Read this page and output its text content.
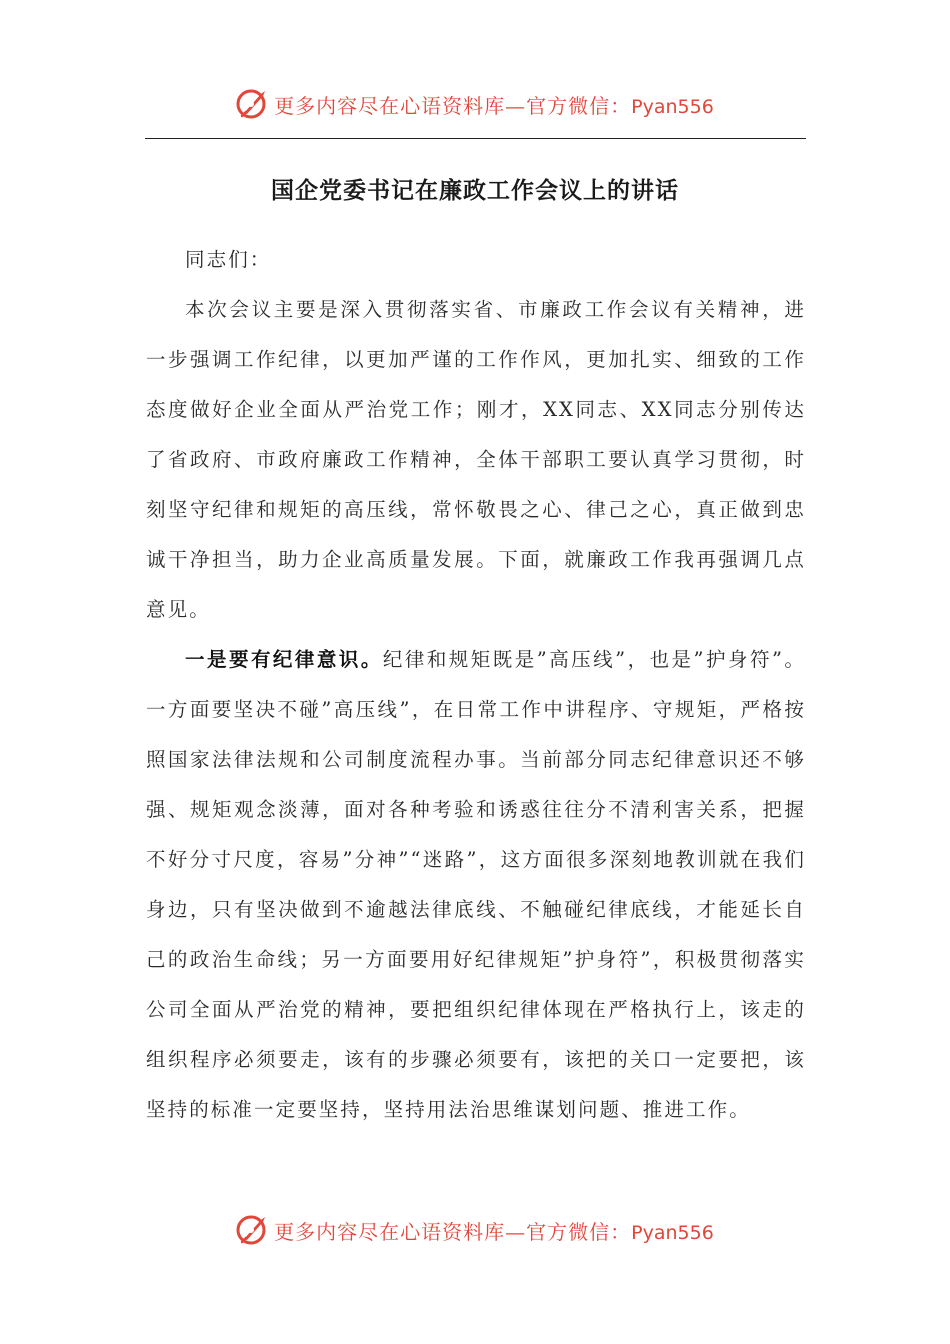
更多内容尽在心语资料库—官方微信：Pyan556
国企党委书记在廉政工作会议上的讲话

同志们：

本次会议主要是深入贯彻落实省、市廉政工作会议有关精神，进一步强调工作纪律，以更加严谨的工作作风，更加扎实、细致的工作态度做好企业全面从严治党工作；刚才，XX同志、XX同志分别传达了省政府、市政府廉政工作精神，全体干部职工要认真学习贯彻，时刻坚守纪律和规矩的高压线，常怀敬畏之心、律己之心，真正做到忠诚干净担当，助力企业高质量发展。下面，就廉政工作我再强调几点意见。

一是要有纪律意识。纪律和规矩既是”高压线”，也是”护身符”。一方面要坚决不碰”高压线”，在日常工作中讲程序、守规矩，严格按照国家法律法规和公司制度流程办事。当前部分同志纪律意识还不够强、规矩观念淡薄，面对各种考验和诱惑往往分不清利害关系，把握不好分寸尺度，容易”分神”“迷路”，这方面很多深刻地教训就在我们身边，只有坚决做到不逾越法律底线、不触碰纪律底线，才能延长自己的政治生命线；另一方面要用好纪律规矩”护身符”，积极贯彻落实公司全面从严治党的精神，要把组织纪律体现在严格执行上，该走的组织程序必须要走，该有的步骤必须要有，该把的关口一定要把，该坚持的标准一定要坚持，坚持用法治思维谋划问题、推进工作。

更多内容尽在心语资料库—官方微信：Pyan556
